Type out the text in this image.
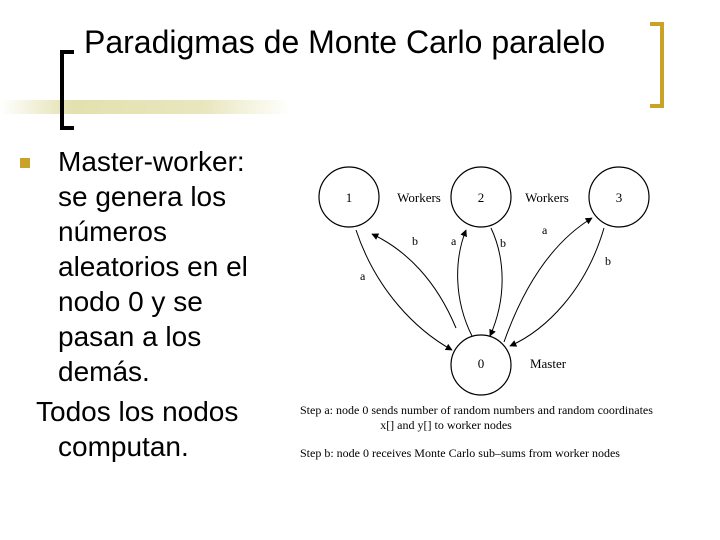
Paradigmas de Monte Carlo paralelo
Master-worker:
se genera los
números
aleatorios en el
nodo 0 y se
pasan a los
demás.
Todos los nodos
computan.
1	2	3
0
Workers	Workers
Master
b
a
a	b
a
b
Step a: node 0 sends number of random numbers and random coordinates
x[] and y[] to worker nodes
Step b: node 0 receives Monte Carlo sub–sums from worker nodes
